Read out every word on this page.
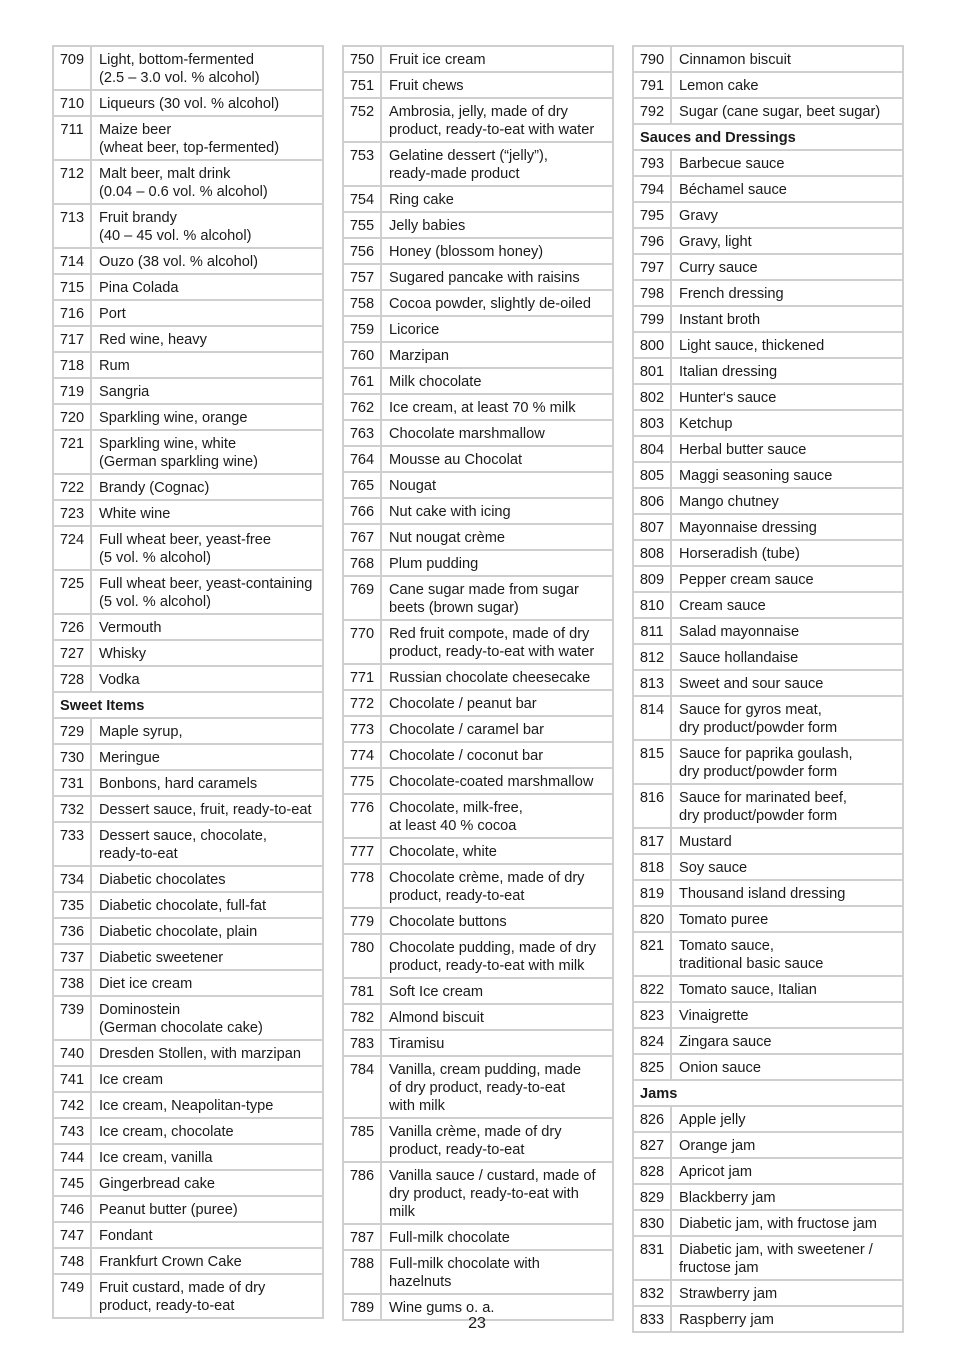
709	Light, bottom-fermented
(2.5 – 3.0 vol. % alcohol)
710	Liqueurs (30 vol. % alcohol)
711	Maize beer
(wheat beer, top-fermented)
712	Malt beer, malt drink
(0.04 – 0.6 vol. % alcohol)
713	Fruit brandy
(40 – 45 vol. % alcohol)
714	Ouzo (38 vol. % alcohol)
715	Pina Colada
716	Port
717	Red wine, heavy
718	Rum
719	Sangria
720	Sparkling wine, orange
721	Sparkling wine, white
(German sparkling wine)
722	Brandy (Cognac)
723	White wine
724	Full wheat beer, yeast-free
(5 vol. % alcohol)
725	Full wheat beer, yeast-containing
(5 vol. % alcohol)
726	Vermouth
727	Whisky
728	Vodka
Sweet Items
729	Maple syrup,
730	Meringue
731	Bonbons, hard caramels
732	Dessert sauce, fruit, ready-to-eat
733	Dessert sauce, chocolate,
ready-to-eat
734	Diabetic chocolates
735	Diabetic chocolate, full-fat
736	Diabetic chocolate, plain
737	Diabetic sweetener
738	Diet ice cream
739	Dominostein
(German chocolate cake)
740	Dresden Stollen, with marzipan
741	Ice cream
742	Ice cream, Neapolitan-type
743	Ice cream, chocolate
744	Ice cream, vanilla
745	Gingerbread cake
746	Peanut butter (puree)
747	Fondant
748	Frankfurt Crown Cake
749	Fruit custard, made of dry
product, ready-to-eat
750	Fruit ice cream
751	Fruit chews
752	Ambrosia, jelly, made of dry
product, ready-to-eat with water
753	Gelatine dessert (“jelly”),
ready-made product
754	Ring cake
755	Jelly babies
756	Honey (blossom honey)
757	Sugared pancake with raisins
758	Cocoa powder, slightly de-oiled
759	Licorice
760	Marzipan
761	Milk chocolate
762	Ice cream, at least 70 % milk
763	Chocolate marshmallow
764	Mousse au Chocolat
765	Nougat
766	Nut cake with icing
767	Nut nougat crème
768	Plum pudding
769	Cane sugar made from sugar
beets (brown sugar)
770	Red fruit compote, made of dry
product, ready-to-eat with water
771	Russian chocolate cheesecake
772	Chocolate / peanut bar
773	Chocolate / caramel bar
774	Chocolate / coconut bar
775	Chocolate-coated marshmallow
776	Chocolate, milk-free,
at least 40 % cocoa
777	Chocolate, white
778	Chocolate crème, made of dry
product, ready-to-eat
779	Chocolate buttons
780	Chocolate pudding, made of dry
product, ready-to-eat with milk
781	Soft Ice cream
782	Almond biscuit
783	Tiramisu
784	Vanilla, cream pudding, made
of dry product, ready-to-eat
with milk
785	Vanilla crème, made of dry
product, ready-to-eat
786	Vanilla sauce / custard, made of
dry product, ready-to-eat with
milk
787	Full-milk chocolate
788	Full-milk chocolate with
hazelnuts
789	Wine gums o. a.
790	Cinnamon biscuit
791	Lemon cake
792	Sugar (cane sugar, beet sugar)
Sauces and Dressings
793	Barbecue sauce
794	Béchamel sauce
795	Gravy
796	Gravy, light
797	Curry sauce
798	French dressing
799	Instant broth
800	Light sauce, thickened
801	Italian dressing
802	Hunter‘s sauce
803	Ketchup
804	Herbal butter sauce
805	Maggi seasoning sauce
806	Mango chutney
807	Mayonnaise dressing
808	Horseradish (tube)
809	Pepper cream sauce
810	Cream sauce
811	Salad mayonnaise
812	Sauce hollandaise
813	Sweet and sour sauce
814	Sauce for gyros meat,
dry product/powder form
815	Sauce for paprika goulash,
dry product/powder form
816	Sauce for marinated beef,
dry product/powder form
817	Mustard
818	Soy sauce
819	Thousand island dressing
820	Tomato puree
821	Tomato sauce,
traditional basic sauce
822	Tomato sauce, Italian
823	Vinaigrette
824	Zingara sauce
825	Onion sauce
Jams
826	Apple jelly
827	Orange jam
828	Apricot jam
829	Blackberry jam
830	Diabetic jam, with fructose jam
831	Diabetic jam, with sweetener /
fructose jam
832	Strawberry jam
833	Raspberry jam
23
